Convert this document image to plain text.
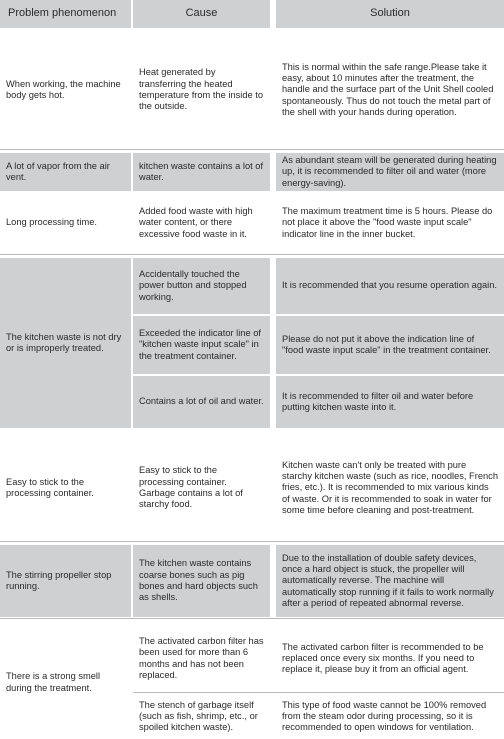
Problem phenomenon	Cause	Solution
When working, the machine body gets hot.
Heat generated by transferring the heated temperature from the inside to the outside.
This is normal within the safe range.Please take it easy, about 10 minutes after the treatment, the handle and the surface part of the Unit Shell cooled spontaneously. Thus do not touch the metal part of the shell with your hands during operation.
A lot of vapor from the air vent.
kitchen waste contains a lot of water.
As abundant steam will be generated during heating up, it is recommended to filter oil and water (more energy-saving).
Long processing time.
Added food waste with high water content, or there excessive food waste in it.
The maximum treatment time is 5 hours. Please do not place it above the "food waste input scale" indicator line in the inner bucket.
The kitchen waste is not dry or is improperly treated.
Accidentally touched the power button and stopped working.
It is recommended that you resume operation again.
Exceeded the indicator line of "kitchen waste input scale" in the treatment container.
Please do not put it above the indication line of "food waste input scale" in the treatment container.
Contains a lot of oil and water.
It is recommended to filter oil and water before putting kitchen waste into it.
Easy to stick to the processing container.
Easy to stick to the processing container. Garbage contains a lot of starchy food.
Kitchen waste can't only be treated with pure starchy kitchen waste (such as rice, noodles, French fries, etc.). It is recommended to mix various kinds of waste. Or it is recommended to soak in water for some time before cleaning and post-treatment.
The stirring propeller stop running.
The kitchen waste contains coarse bones such as pig bones and hard objects such as shells.
Due to the installation of double safety devices, once a hard object is stuck, the propeller will automatically reverse. The machine will automatically stop running if it fails to work normally after a period of repeated abnormal reverse.
There is a strong smell during the treatment.
The activated carbon filter has been used for more than 6 months and has not been replaced.
The activated carbon filter is recommended to be replaced once every six months. If you need to replace it, please buy it from an official agent.
The stench of garbage itself (such as fish, shrimp, etc., or spoiled kitchen waste).
This type of food waste cannot be 100% removed from the steam odor during processing, so it is recommended to open windows for ventilation.
